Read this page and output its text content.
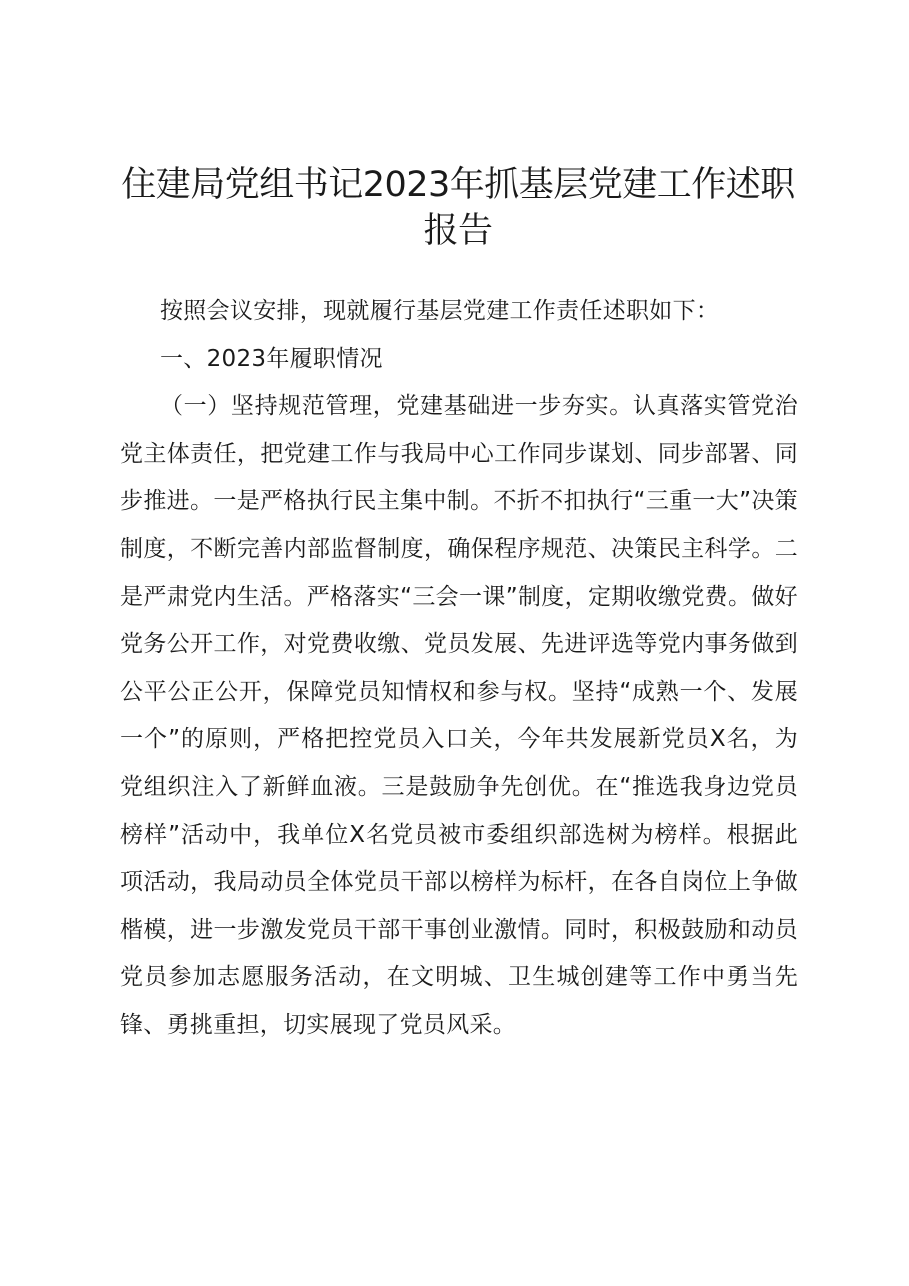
住建局党组书记2023年抓基层党建工作述职报告

按照会议安排，现就履行基层党建工作责任述职如下：

一、2023年履职情况

（一）坚持规范管理，党建基础进一步夯实。认真落实管党治党主体责任，把党建工作与我局中心工作同步谋划、同步部署、同步推进。一是严格执行民主集中制。不折不扣执行“三重一大”决策制度，不断完善内部监督制度，确保程序规范、决策民主科学。二是严肃党内生活。严格落实“三会一课”制度，定期收缴党费。做好党务公开工作，对党费收缴、党员发展、先进评选等党内事务做到公平公正公开，保障党员知情权和参与权。坚持“成熟一个、发展一个”的原则，严格把控党员入口关，今年共发展新党员X名，为党组织注入了新鲜血液。三是鼓励争先创优。在“推选我身边党员榜样”活动中，我单位X名党员被市委组织部选树为榜样。根据此项活动，我局动员全体党员干部以榜样为标杆，在各自岗位上争做楷模，进一步激发党员干部干事创业激情。同时，积极鼓励和动员党员参加志愿服务活动，在文明城、卫生城创建等工作中勇当先锋、勇挑重担，切实展现了党员风采。
